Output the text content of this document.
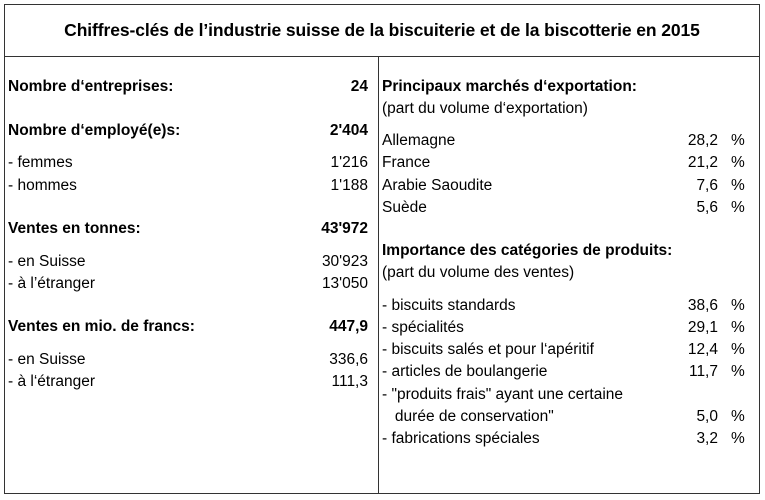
Chiffres-clés de l’industrie suisse de la biscuiterie et de la biscotterie en 2015
Nombre d‘entreprises:	24
Nombre d‘employé(e)s:	2'404
- femmes	1'216
- hommes	1'188
Ventes en tonnes:	43'972
- en Suisse	30'923
- à l’étranger	13'050
Ventes en mio. de francs:	447,9
- en Suisse	336,6
- à l‘étranger	111,3
Principaux marchés d‘exportation:
(part du volume d‘exportation)
Allemagne	28,2 %
France	21,2 %
Arabie Saoudite	7,6 %
Suède	5,6 %
Importance des catégories de produits:
(part du volume des ventes)
- biscuits standards	38,6 %
- spécialités	29,1 %
- biscuits salés et pour l‘apéritif	12,4 %
- articles de boulangerie	11,7 %
- "produits frais" ayant une certaine
durée de conservation"	5,0 %
- fabrications spéciales	3,2 %
